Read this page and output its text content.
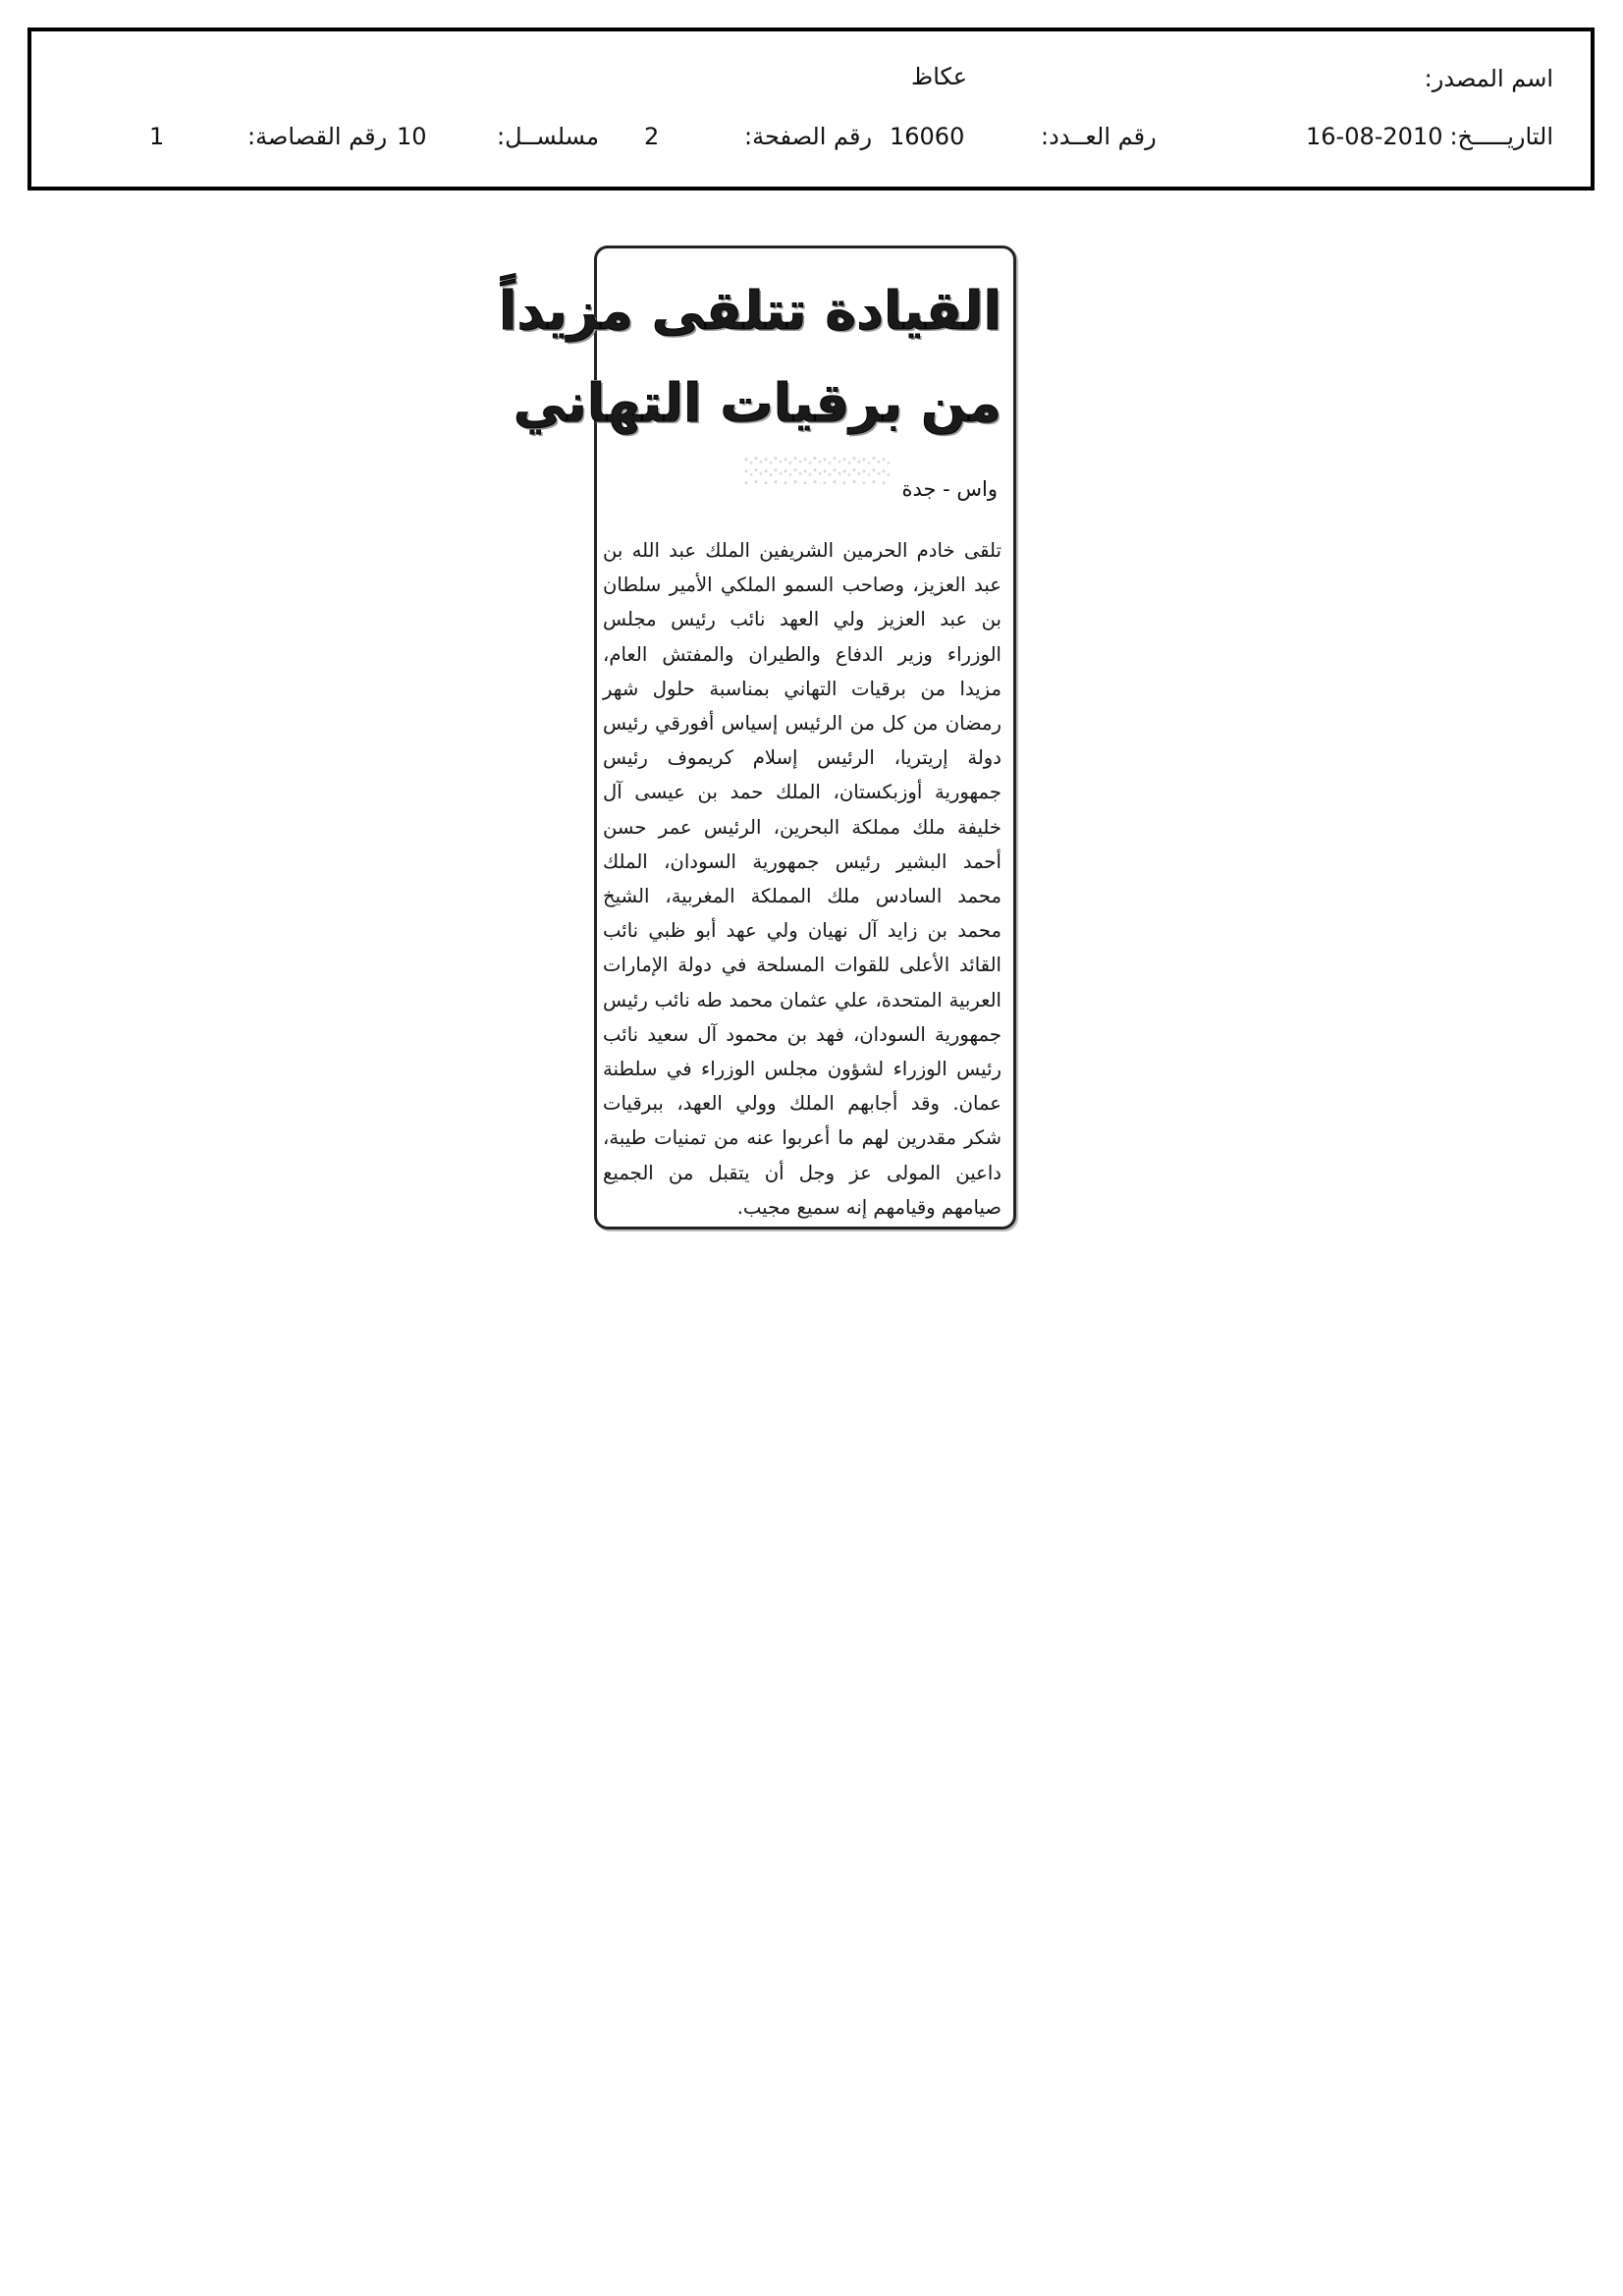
اسم المصدر:
عكاظ
التاريـــــخ:
16-08-2010
رقم العــدد:
16060
رقم الصفحة:
2
مسلســل:
10
رقم القصاصة:
1
القيادة تتلقى مزيداً
من برقيات التهاني
واس - جدة
تلقى خادم الحرمين الشريفين الملك عبد الله بن عبد العزيز، وصاحب السمو الملكي الأمير سلطان بن عبد العزيز ولي العهد نائب رئيس مجلس الوزراء وزير الدفاع والطيران والمفتش العام، مزيدا من برقيات التهاني بمناسبة حلول شهر رمضان من كل من الرئيس إسياس أفورقي رئيس دولة إريتريا، الرئيس إسلام كريموف رئيس جمهورية أوزبكستان، الملك حمد بن عيسى آل خليفة ملك مملكة البحرين، الرئيس عمر حسن أحمد البشير رئيس جمهورية السودان، الملك محمد السادس ملك المملكة المغربية، الشيخ محمد بن زايد آل نهيان ولي عهد أبو ظبي نائب القائد الأعلى للقوات المسلحة في دولة الإمارات العربية المتحدة، علي عثمان محمد طه نائب رئيس جمهورية السودان، فهد بن محمود آل سعيد نائب رئيس الوزراء لشؤون مجلس الوزراء في سلطنة عمان. وقد أجابهم الملك وولي العهد، ببرقيات شكر مقدرين لهم ما أعربوا عنه من تمنيات طيبة، داعين المولى عز وجل أن يتقبل من الجميع صيامهم وقيامهم إنه سميع مجيب.
